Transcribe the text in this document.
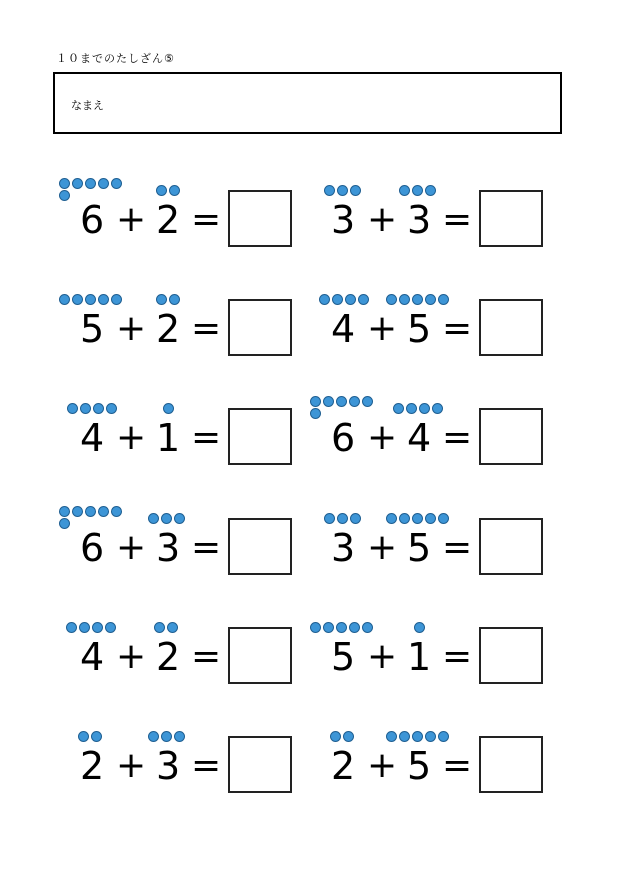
１０までのたしざん⑤
なまえ
6 + 2 =	3 + 3 =
5 + 2 =	4 + 5 =
4 + 1 =	6 + 4 =
6 + 3 =	3 + 5 =
4 + 2 =	5 + 1 =
2 + 3 =	2 + 5 =
